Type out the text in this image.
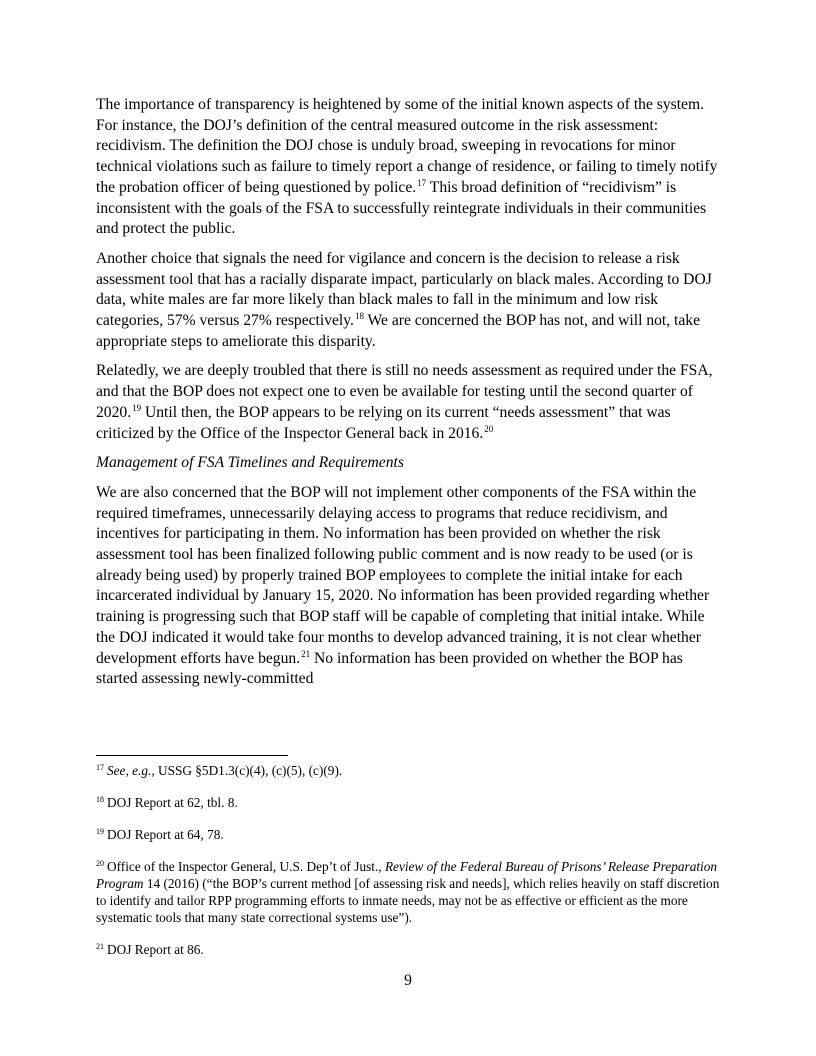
The importance of transparency is heightened by some of the initial known aspects of the system. For instance, the DOJ’s definition of the central measured outcome in the risk assessment: recidivism. The definition the DOJ chose is unduly broad, sweeping in revocations for minor technical violations such as failure to timely report a change of residence, or failing to timely notify the probation officer of being questioned by police.$^{17}$ This broad definition of “recidivism” is inconsistent with the goals of the FSA to successfully reintegrate individuals in their communities and protect the public.

Another choice that signals the need for vigilance and concern is the decision to release a risk assessment tool that has a racially disparate impact, particularly on black males. According to DOJ data, white males are far more likely than black males to fall in the minimum and low risk categories, 57% versus 27% respectively.$^{18}$ We are concerned the BOP has not, and will not, take appropriate steps to ameliorate this disparity.

Relatedly, we are deeply troubled that there is still no needs assessment as required under the FSA, and that the BOP does not expect one to even be available for testing until the second quarter of 2020.19 Until then, the BOP appears to be relying on its current “needs assessment” that was criticized by the Office of the Inspector General back in 2016.20

Management of FSA Timelines and Requirements

We are also concerned that the BOP will not implement other components of the FSA within the required timeframes, unnecessarily delaying access to programs that reduce recidivism, and incentives for participating in them. No information has been provided on whether the risk assessment tool has been finalized following public comment and is now ready to be used (or is already being used) by properly trained BOP employees to complete the initial intake for each incarcerated individual by January 15, 2020. No information has been provided regarding whether training is progressing such that BOP staff will be capable of completing that initial intake. While the DOJ indicated it would take four months to develop advanced training, it is not clear whether development efforts have begun.$^{21}$ No information has been provided on whether the BOP has started assessing newly-committed

$^{17}$ See, e.g., USSG §5D1.3(c)(4), (c)(5), (c)(9).
$^{18}$ DOJ Report at 62, tbl. 8.
$^{19}$ DOJ Report at 64, 78.
$^{20}$ Office of the Inspector General, U.S. Dep’t of Just., Review of the Federal Bureau of Prisons’ Release Preparation Program 14 (2016) (“the BOP’s current method [of assessing risk and needs], which relies heavily on staff discretion to identify and tailor RPP programming efforts to inmate needs, may not be as effective or efficient as the more systematic tools that many state correctional systems use”).
$^{21}$ DOJ Report at 86.
9
